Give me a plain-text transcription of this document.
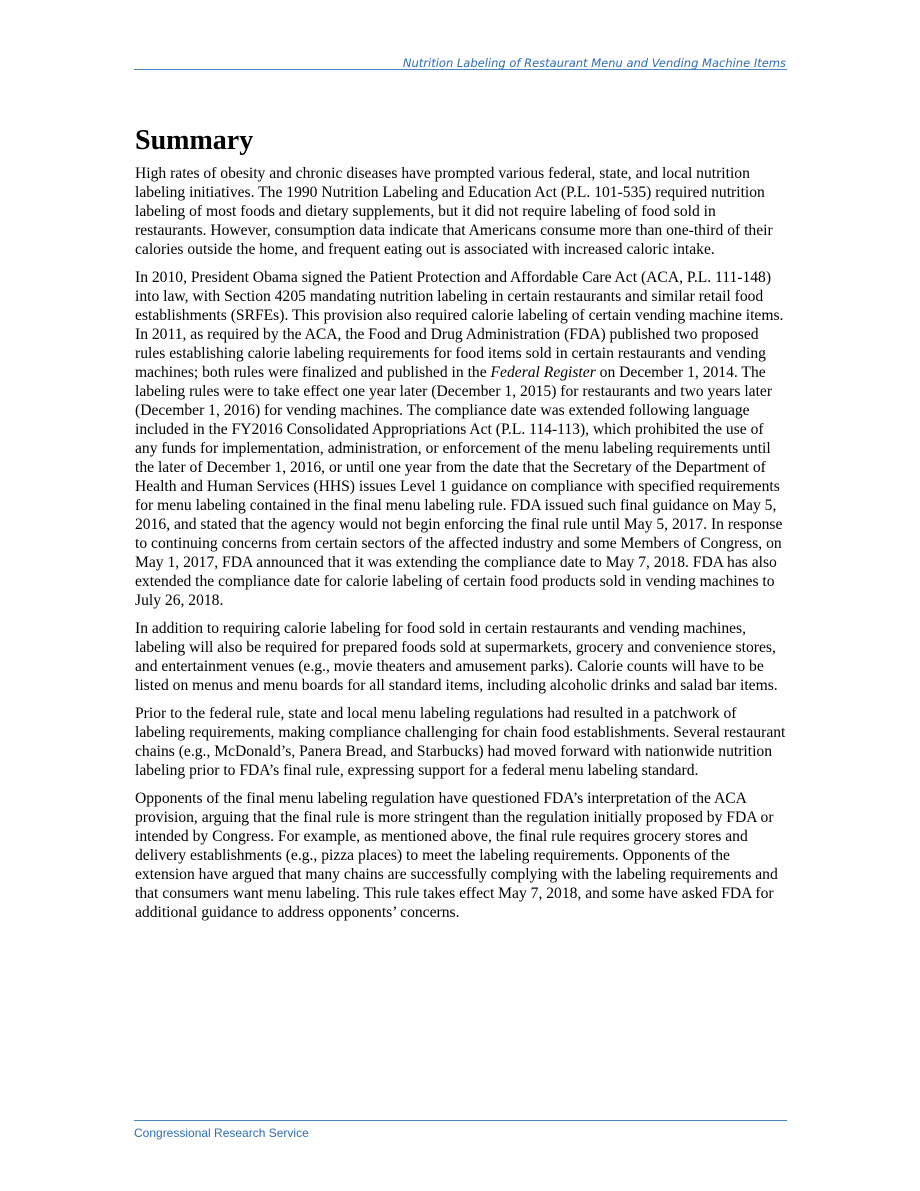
Nutrition Labeling of Restaurant Menu and Vending Machine Items
Summary

High rates of obesity and chronic diseases have prompted various federal, state, and local nutrition labeling initiatives. The 1990 Nutrition Labeling and Education Act (P.L. 101-535) required nutrition labeling of most foods and dietary supplements, but it did not require labeling of food sold in restaurants. However, consumption data indicate that Americans consume more than one-third of their calories outside the home, and frequent eating out is associated with increased caloric intake.

In 2010, President Obama signed the Patient Protection and Affordable Care Act (ACA, P.L. 111-148) into law, with Section 4205 mandating nutrition labeling in certain restaurants and similar retail food establishments (SRFEs). This provision also required calorie labeling of certain vending machine items. In 2011, as required by the ACA, the Food and Drug Administration (FDA) published two proposed rules establishing calorie labeling requirements for food items sold in certain restaurants and vending machines; both rules were finalized and published in the Federal Register on December 1, 2014. The labeling rules were to take effect one year later (December 1, 2015) for restaurants and two years later (December 1, 2016) for vending machines. The compliance date was extended following language included in the FY2016 Consolidated Appropriations Act (P.L. 114-113), which prohibited the use of any funds for implementation, administration, or enforcement of the menu labeling requirements until the later of December 1, 2016, or until one year from the date that the Secretary of the Department of Health and Human Services (HHS) issues Level 1 guidance on compliance with specified requirements for menu labeling contained in the final menu labeling rule. FDA issued such final guidance on May 5, 2016, and stated that the agency would not begin enforcing the final rule until May 5, 2017. In response to continuing concerns from certain sectors of the affected industry and some Members of Congress, on May 1, 2017, FDA announced that it was extending the compliance date to May 7, 2018. FDA has also extended the compliance date for calorie labeling of certain food products sold in vending machines to July 26, 2018.

In addition to requiring calorie labeling for food sold in certain restaurants and vending machines, labeling will also be required for prepared foods sold at supermarkets, grocery and convenience stores, and entertainment venues (e.g., movie theaters and amusement parks). Calorie counts will have to be listed on menus and menu boards for all standard items, including alcoholic drinks and salad bar items.

Prior to the federal rule, state and local menu labeling regulations had resulted in a patchwork of labeling requirements, making compliance challenging for chain food establishments. Several restaurant chains (e.g., McDonald’s, Panera Bread, and Starbucks) had moved forward with nationwide nutrition labeling prior to FDA’s final rule, expressing support for a federal menu labeling standard.

Opponents of the final menu labeling regulation have questioned FDA’s interpretation of the ACA provision, arguing that the final rule is more stringent than the regulation initially proposed by FDA or intended by Congress. For example, as mentioned above, the final rule requires grocery stores and delivery establishments (e.g., pizza places) to meet the labeling requirements. Opponents of the extension have argued that many chains are successfully complying with the labeling requirements and that consumers want menu labeling. This rule takes effect May 7, 2018, and some have asked FDA for additional guidance to address opponents’ concerns.

Congressional Research Service
